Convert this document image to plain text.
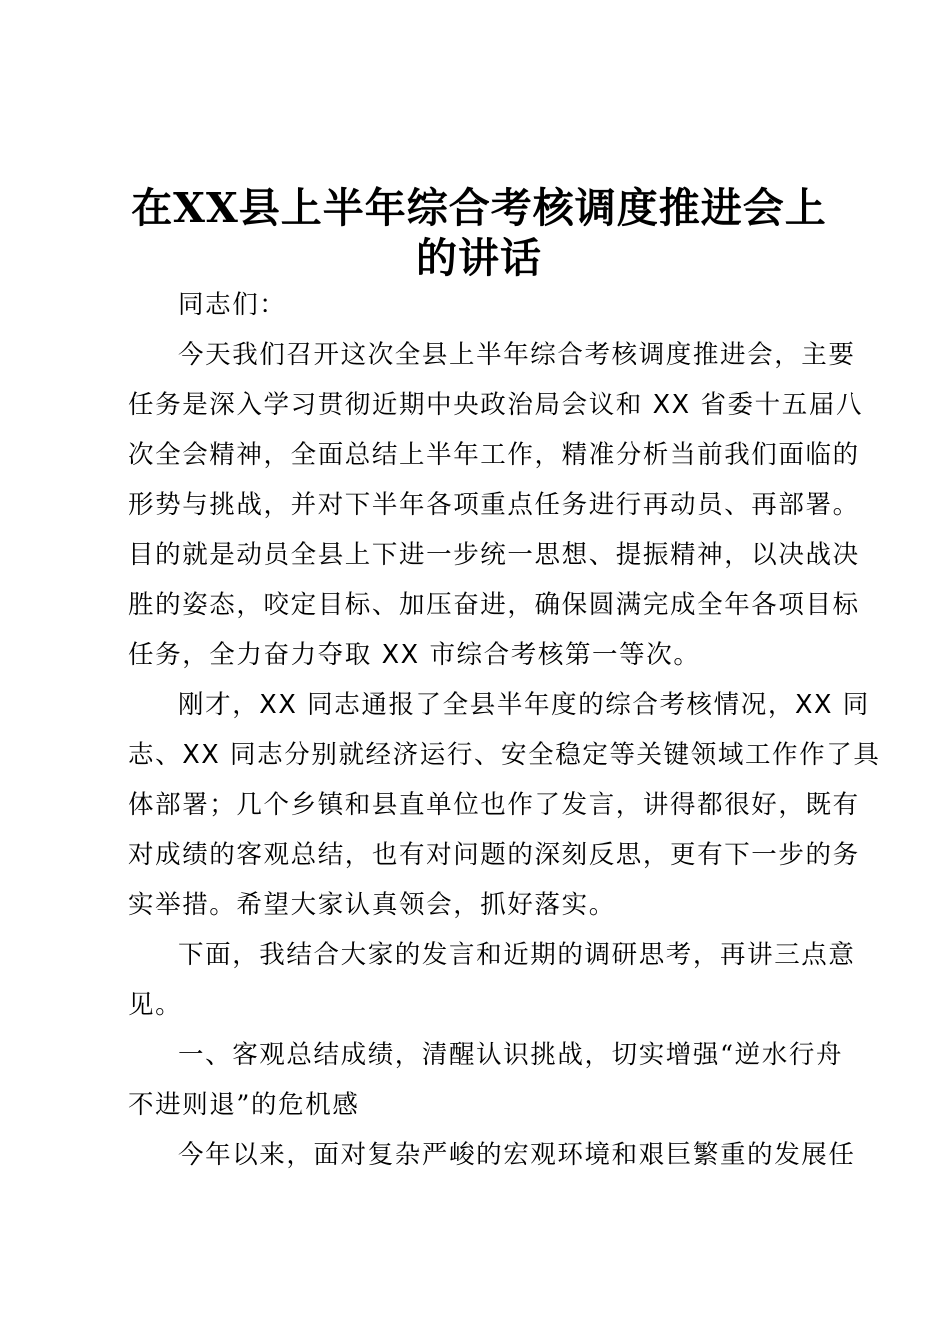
在XX县上半年综合考核调度推进会上
的讲话
同志们：
今天我们召开这次全县上半年综合考核调度推进会，主要
任务是深入学习贯彻近期中央政治局会议和 XX 省委十五届八
次全会精神，全面总结上半年工作，精准分析当前我们面临的
形势与挑战，并对下半年各项重点任务进行再动员、再部署。
目的就是动员全县上下进一步统一思想、提振精神，以决战决
胜的姿态，咬定目标、加压奋进，确保圆满完成全年各项目标
任务，全力奋力夺取 XX 市综合考核第一等次。
刚才，XX 同志通报了全县半年度的综合考核情况，XX 同
志、XX 同志分别就经济运行、安全稳定等关键领域工作作了具
体部署；几个乡镇和县直单位也作了发言，讲得都很好，既有
对成绩的客观总结，也有对问题的深刻反思，更有下一步的务
实举措。希望大家认真领会，抓好落实。
下面，我结合大家的发言和近期的调研思考，再讲三点意
见。
一、客观总结成绩，清醒认识挑战，切实增强“逆水行舟
不进则退”的危机感
今年以来，面对复杂严峻的宏观环境和艰巨繁重的发展任
